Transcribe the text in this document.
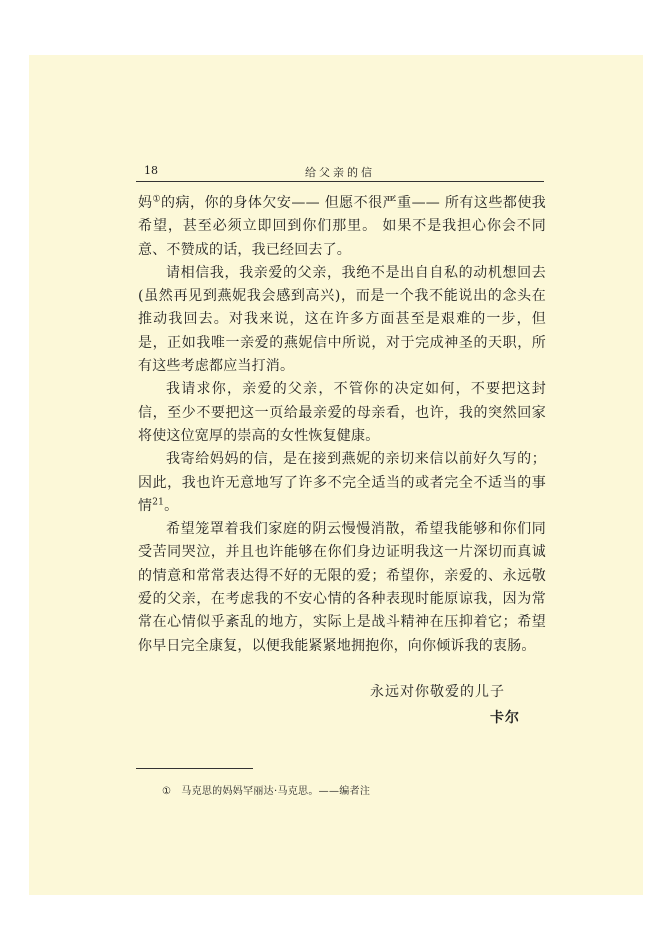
18	给父亲的信

妈①的病，你的身体欠安—— 但愿不很严重—— 所有这些都使我希望，甚至必须立即回到你们那里。 如果不是我担心你会不同意、不赞成的话，我已经回去了。

请相信我，我亲爱的父亲，我绝不是出自自私的动机想回去(虽然再见到燕妮我会感到高兴)，而是一个我不能说出的念头在推动我回去。对我来说，这在许多方面甚至是艰难的一步，但是，正如我唯一亲爱的燕妮信中所说，对于完成神圣的天职，所有这些考虑都应当打消。

我请求你，亲爱的父亲，不管你的决定如何，不要把这封信，至少不要把这一页给最亲爱的母亲看，也许，我的突然回家将使这位宽厚的崇高的女性恢复健康。

我寄给妈妈的信，是在接到燕妮的亲切来信以前好久写的；因此，我也许无意地写了许多不完全适当的或者完全不适当的事情$^{21}$。

希望笼罩着我们家庭的阴云慢慢消散，希望我能够和你们同受苦同哭泣，并且也许能够在你们身边证明我这一片深切而真诚的情意和常常表达得不好的无限的爱；希望你，亲爱的、永远敬爱的父亲，在考虑我的不安心情的各种表现时能原谅我，因为常常在心情似乎紊乱的地方，实际上是战斗精神在压抑着它；希望你早日完全康复，以便我能紧紧地拥抱你，向你倾诉我的衷肠。

永远对你敬爱的儿子
卡尔
① 马克思的妈妈罕丽达·马克思。——编者注
